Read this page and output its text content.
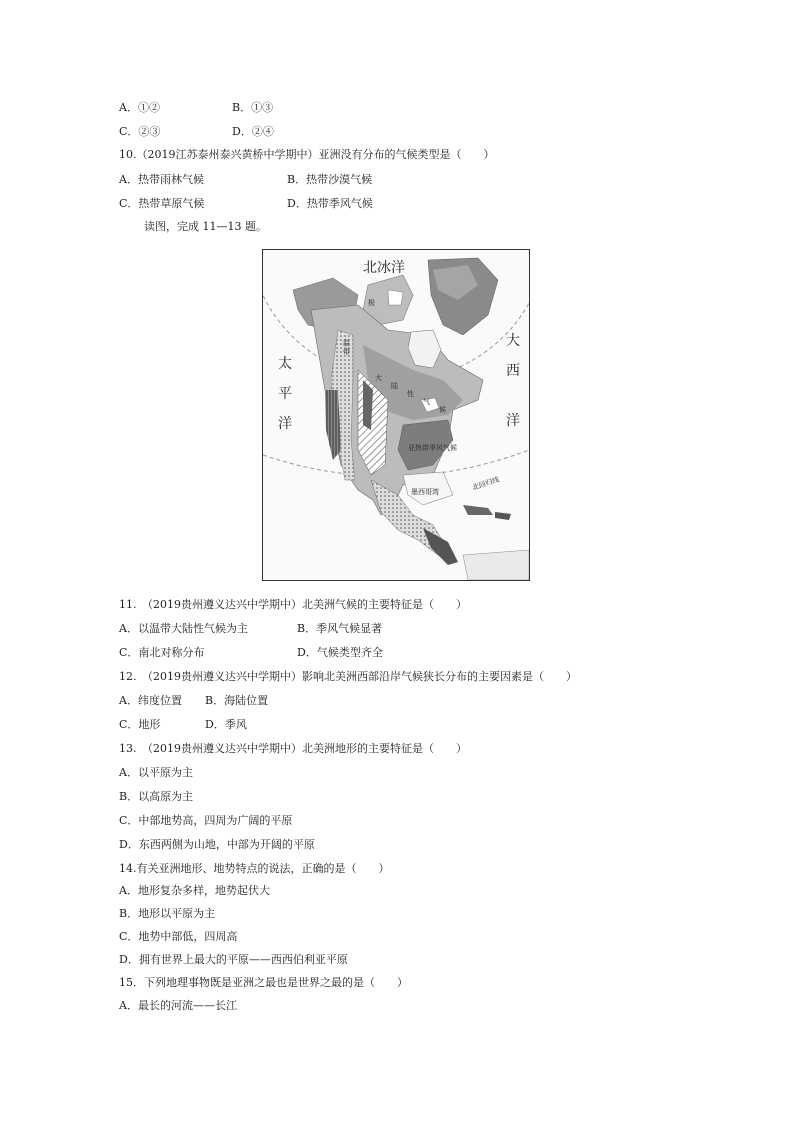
A．①②	B．①③
C．②③	D．②④
10.（2019江苏泰州泰兴黄桥中学期中）亚洲没有分布的气候类型是（　　）
A．热带雨林气候	B．热带沙漠气候
C．热带草原气候	D．热带季风气候
读图，完成 11—13 题。
北冰洋
太
平
洋
大
西
洋
极
温
带
大
陆
性
气
候
亚热带季风气候
墨西哥湾
北回归线
11.　（2019贵州遵义达兴中学期中）北美洲气候的主要特征是（　　）
A．以温带大陆性气候为主	B．季风气候显著
C．南北对称分布	D．气候类型齐全
12.　（2019贵州遵义达兴中学期中）影响北美洲西部沿岸气候狭长分布的主要因素是（　　）
A．纬度位置 B．海陆位置
C．地形	D．季风
13.　（2019贵州遵义达兴中学期中）北美洲地形的主要特征是（　　）
A．以平原为主
B．以高原为主
C．中部地势高，四周为广阔的平原
D．东西两侧为山地，中部为开阔的平原
14.有关亚洲地形、地势特点的说法，正确的是（　　）
A．地形复杂多样，地势起伏大
B．地形以平原为主
C．地势中部低，四周高
D．拥有世界上最大的平原——西西伯利亚平原
15．下列地理事物既是亚洲之最也是世界之最的是（　　）
A．最长的河流——长江
